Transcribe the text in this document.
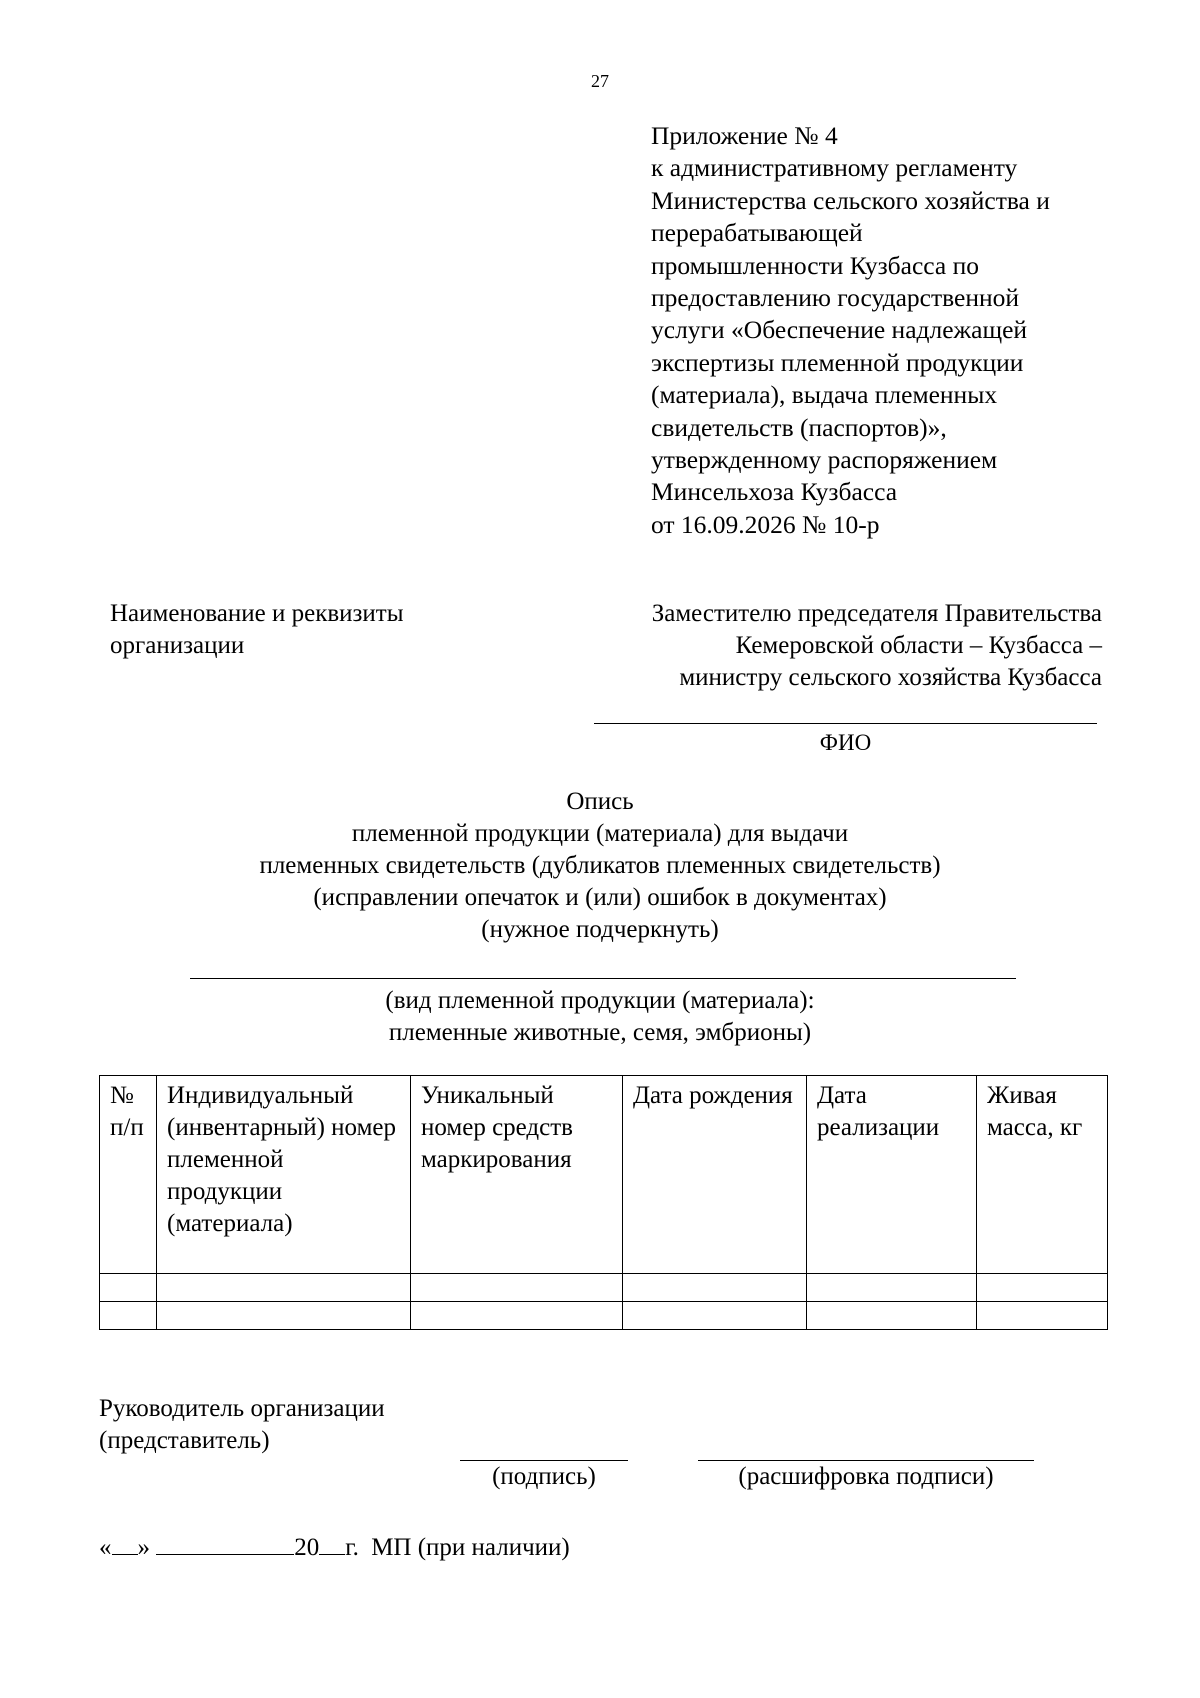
27
Приложение № 4
к административному регламенту
Министерства сельского хозяйства и
перерабатывающей
промышленности Кузбасса по
предоставлению государственной
услуги «Обеспечение надлежащей
экспертизы племенной продукции
(материала), выдача племенных
свидетельств (паспортов)»,
утвержденному распоряжением
Минсельхоза Кузбасса
от 16.09.2026 № 10-р
Наименование и реквизиты
организации
Заместителю председателя Правительства
Кемеровской области – Кузбасса –
министру сельского хозяйства Кузбасса
ФИО
Опись
племенной продукции (материала) для выдачи
племенных свидетельств (дубликатов племенных свидетельств)
(исправлении опечаток и (или) ошибок в документах)
(нужное подчеркнуть)
(вид племенной продукции (материала):
племенные животные, семя, эмбрионы)
№ п/п	Индивидуальный (инвентарный) номер племенной продукции (материала)	Уникальный номер средств маркирования	Дата рождения	Дата реализации	Живая масса, кг

Руководитель организации
(представитель)
(подпись)	(расшифровка подписи)
« »	20 г. МП (при наличии)
